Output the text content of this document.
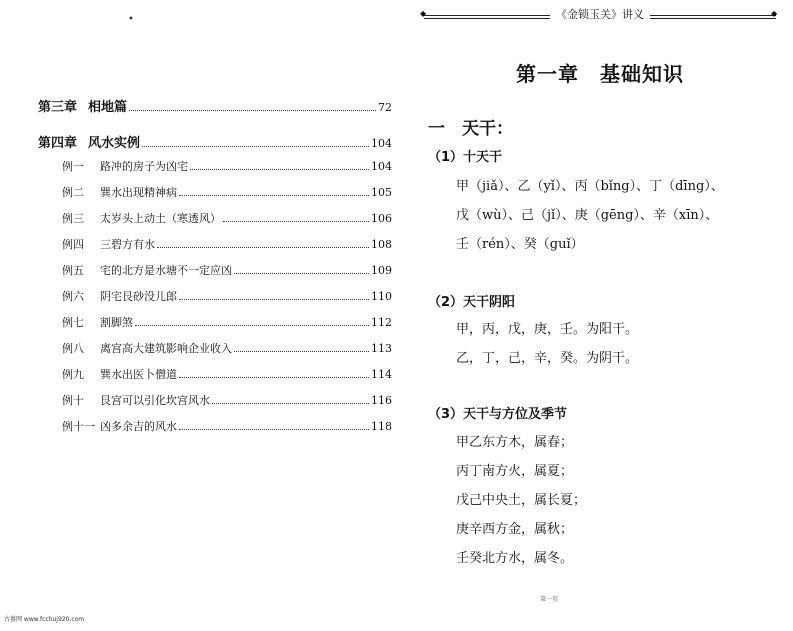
•
第三章 相地篇	72
第四章 风水实例	104
例一 路冲的房子为凶宅	104
例二 巽水出现精神病	105
例三 太岁头上动土（寒透风）	106
例四 三碧方有水	108
例五 宅的北方是水塘不一定应凶	109
例六 阴宅艮砂没儿郎	110
例七 割脚煞	112
例八 离宫高大建筑影响企业收入	113
例九 巽水出医卜僧道	114
例十 艮宫可以引化坎宫风水	116
例十一 凶多余吉的风水	118
◆	◆
《金锁玉关》讲义
第一章　基础知识
一　天干：
（1）十天干
甲（jiǎ）、乙（yǐ）、丙（bǐng）、丁（dīng）、
戊（wù）、己（jǐ）、庚（gēng）、辛（xīn）、
壬（rén）、癸（guǐ）
（2）天干阴阳
甲，丙，戊，庚，壬。为阳干。
乙，丁，己，辛，癸。为阴干。
（3）天干与方位及季节
甲乙东方木，属春；
丙丁南方火，属夏；
戊己中央土，属长夏；
庚辛西方金，属秋；
壬癸北方水，属冬。
第一页
古墓网 www.fcchuj920.com
